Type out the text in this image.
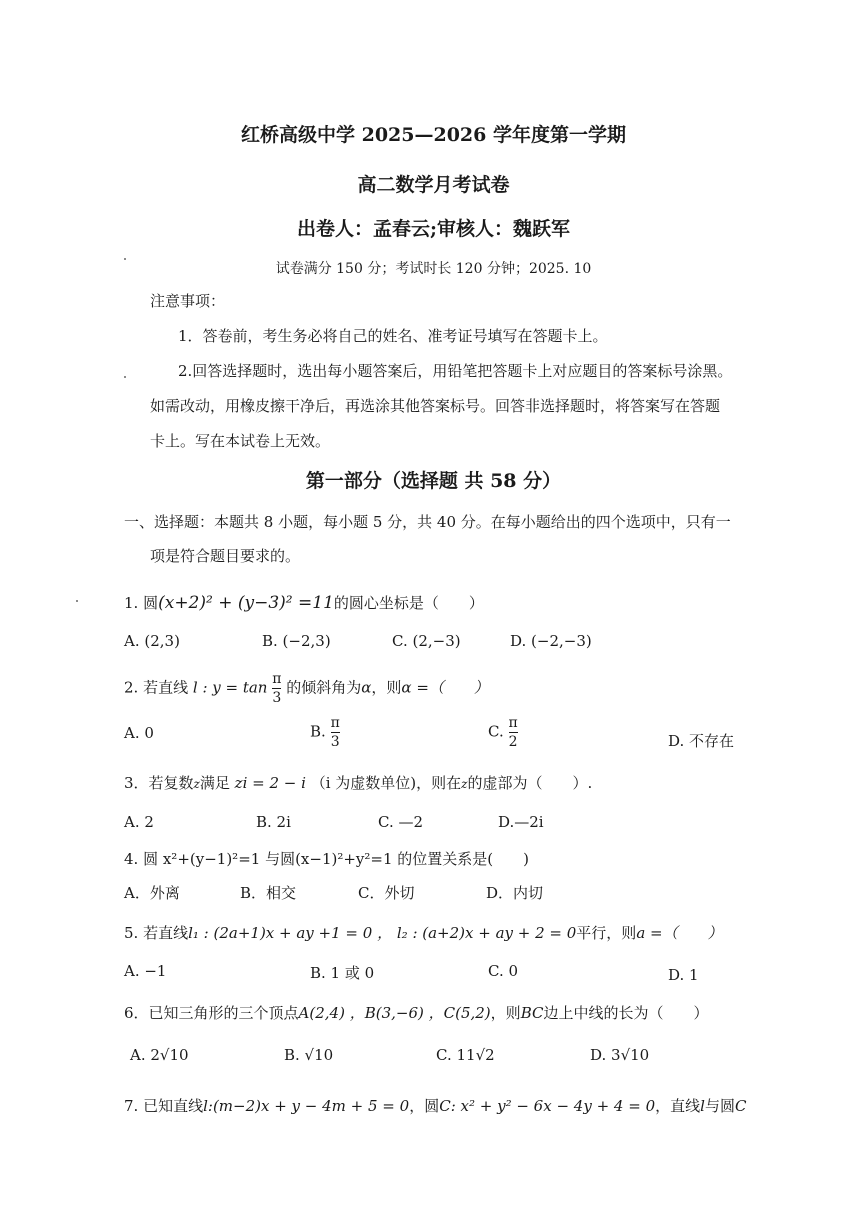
红桥高级中学 2025—2026 学年度第一学期
高二数学月考试卷
出卷人：孟春云;审核人：魏跃军
试卷满分 150 分；考试时长 120 分钟；2025. 10
注意事项：
1．答卷前，考生务必将自己的姓名、准考证号填写在答题卡上。
2.回答选择题时，选出每小题答案后，用铅笔把答题卡上对应题目的答案标号涂黑。
如需改动，用橡皮擦干净后，再选涂其他答案标号。回答非选择题时，将答案写在答题
卡上。写在本试卷上无效。
第一部分（选择题 共 58 分）
一、选择题：本题共 8 小题，每小题 5 分，共 40 分。在每小题给出的四个选项中，只有一
项是符合题目要求的。
1. 圆(x+2)² + (y−3)² =11的圆心坐标是（　　）
A. (2,3)	B. (−2,3)	C. (2,−3)	D. (−2,−3)
2. 若直线 l : $y = \tan \frac{\pi}{3}$ 的倾斜角为α，则α =（　　）
A. 0	B. $\frac{\pi}{3}$	C. $\frac{\pi}{2}$	D. 不存在
3．若复数z满足 zi = 2 − i （i 为虚数单位)，则在z的虚部为（　　）.
A. 2	B. 2i	C. —2	D.—2i
4. 圆 x²+(y−1)²=1 与圆(x−1)²+y²=1 的位置关系是(　　)
A．外离	B．相交	C．外切	D．内切
5. 若直线l₁ : (2a+1)x + ay +1 = 0 ， l₂ : (a+2)x + ay + 2 = 0平行，则a =（　　）
A. −1	B. 1 或 0	C. 0	D. 1
6．已知三角形的三个顶点A(2,4) ，B(3,−6) ，C(5,2)，则BC边上中线的长为（　　）
A. 2√10	B. √10	C. 11√2	D. 3√10
7. 已知直线l:(m−2)x + y − 4m + 5 = 0，圆C: x² + y² − 6x − 4y + 4 = 0，直线l与圆C
